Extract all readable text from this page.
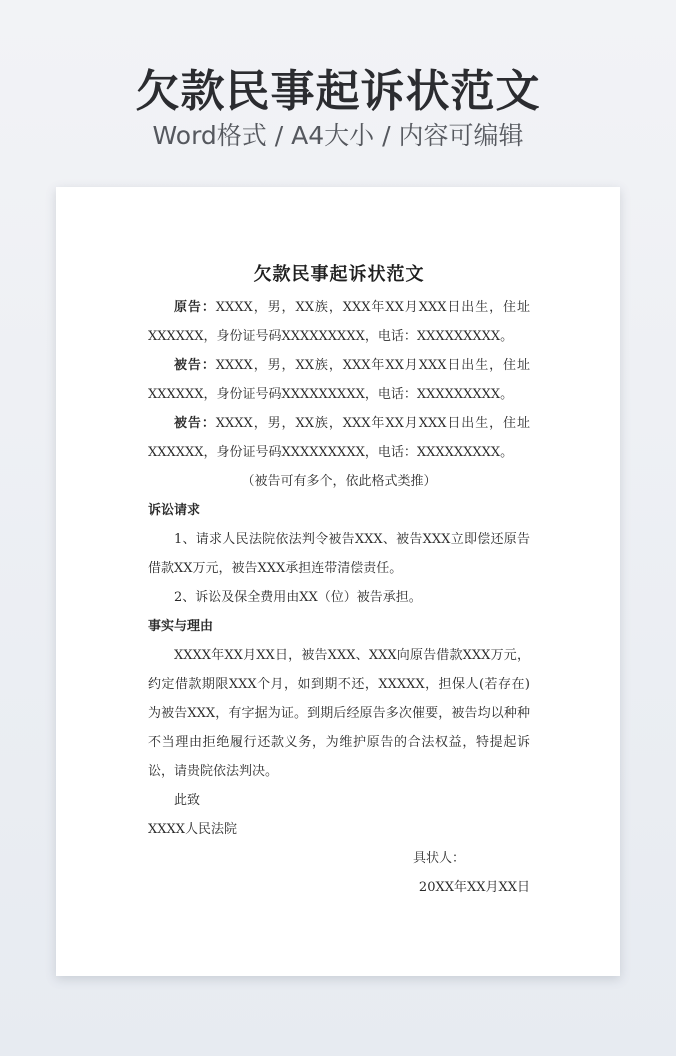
欠款民事起诉状范文
Word格式 / A4大小 / 内容可编辑
欠款民事起诉状范文

原告：XXXX，男，XX族，XXX年XX月XXX日出生，住址XXXXXX，身份证号码XXXXXXXXX，电话：XXXXXXXXX。

被告：XXXX，男，XX族，XXX年XX月XXX日出生，住址XXXXXX，身份证号码XXXXXXXXX，电话：XXXXXXXXX。

被告：XXXX，男，XX族，XXX年XX月XXX日出生，住址XXXXXX，身份证号码XXXXXXXXX，电话：XXXXXXXXX。

（被告可有多个，依此格式类推）

诉讼请求

1、请求人民法院依法判令被告XXX、被告XXX立即偿还原告借款XX万元，被告XXX承担连带清偿责任。

2、诉讼及保全费用由XX（位）被告承担。

事实与理由

XXXX年XX月XX日，被告XXX、XXX向原告借款XXX万元，约定借款期限XXX个月，如到期不还，XXXXX，担保人(若存在)为被告XXX，有字据为证。到期后经原告多次催要，被告均以种种不当理由拒绝履行还款义务，为维护原告的合法权益，特提起诉讼，请贵院依法判决。

此致

XXXX人民法院

具状人：

20XX年XX月XX日
